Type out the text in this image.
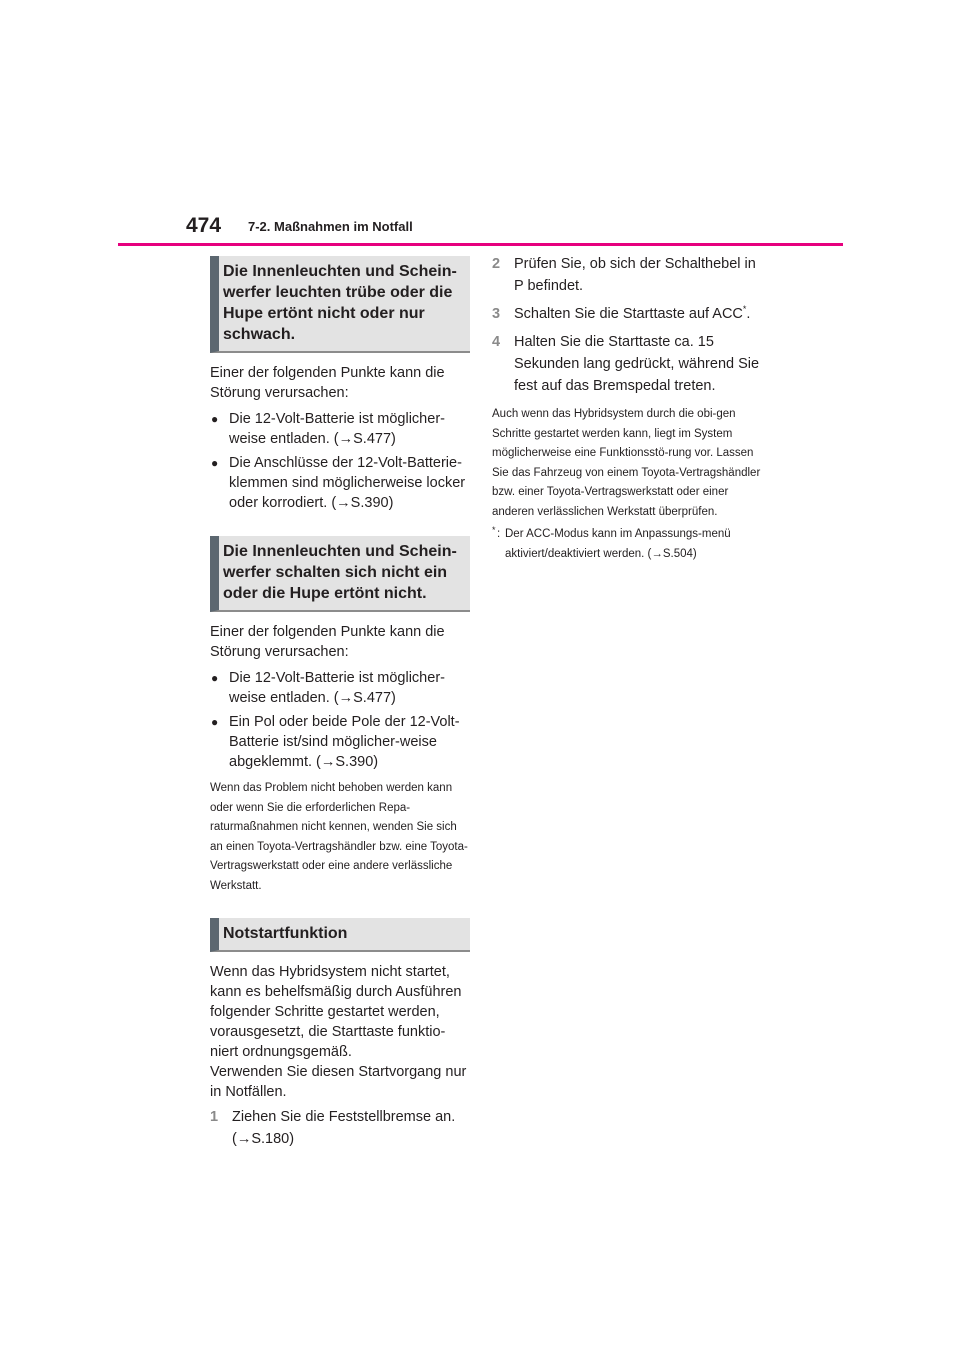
474 7-2. Maßnahmen im Notfall
Die Innenleuchten und Schein-werfer leuchten trübe oder die Hupe ertönt nicht oder nur schwach.

Einer der folgenden Punkte kann die Störung verursachen:

● Die 12-Volt-Batterie ist möglicher-weise entladen. (→S.477)
● Die Anschlüsse der 12-Volt-Batterie-klemmen sind möglicherweise locker oder korrodiert. (→S.390)
Die Innenleuchten und Schein-werfer schalten sich nicht ein oder die Hupe ertönt nicht.

Einer der folgenden Punkte kann die Störung verursachen:

● Die 12-Volt-Batterie ist möglicher-weise entladen. (→S.477)
● Ein Pol oder beide Pole der 12-Volt-Batterie ist/sind möglicher-weise abgeklemmt. (→S.390)

Wenn das Problem nicht behoben werden kann oder wenn Sie die erforderlichen Repa-raturmaßnahmen nicht kennen, wenden Sie sich an einen Toyota-Vertragshändler bzw. eine Toyota-Vertragswerkstatt oder eine andere verlässliche Werkstatt.

Notstartfunktion

Wenn das Hybridsystem nicht startet, kann es behelfsmäßig durch Ausführen folgender Schritte gestartet werden, vorausgesetzt, die Starttaste funktio-niert ordnungsgemäß.

Verwenden Sie diesen Startvorgang nur in Notfällen.

1 Ziehen Sie die Feststellbremse an. (→S.180)
2 Prüfen Sie, ob sich der Schalthebel in P befindet.
3 Schalten Sie die Starttaste auf ACC*.
4 Halten Sie die Starttaste ca. 15 Sekunden lang gedrückt, während Sie fest auf das Bremspedal treten.

Auch wenn das Hybridsystem durch die obi-gen Schritte gestartet werden kann, liegt im System möglicherweise eine Funktionsstö-rung vor. Lassen Sie das Fahrzeug von einem Toyota-Vertragshändler bzw. einer Toyota-Vertragswerkstatt oder einer anderen verlässlichen Werkstatt überprüfen.

* : Der ACC-Modus kann im Anpassungs-menü aktiviert/deaktiviert werden. (→S.504)
